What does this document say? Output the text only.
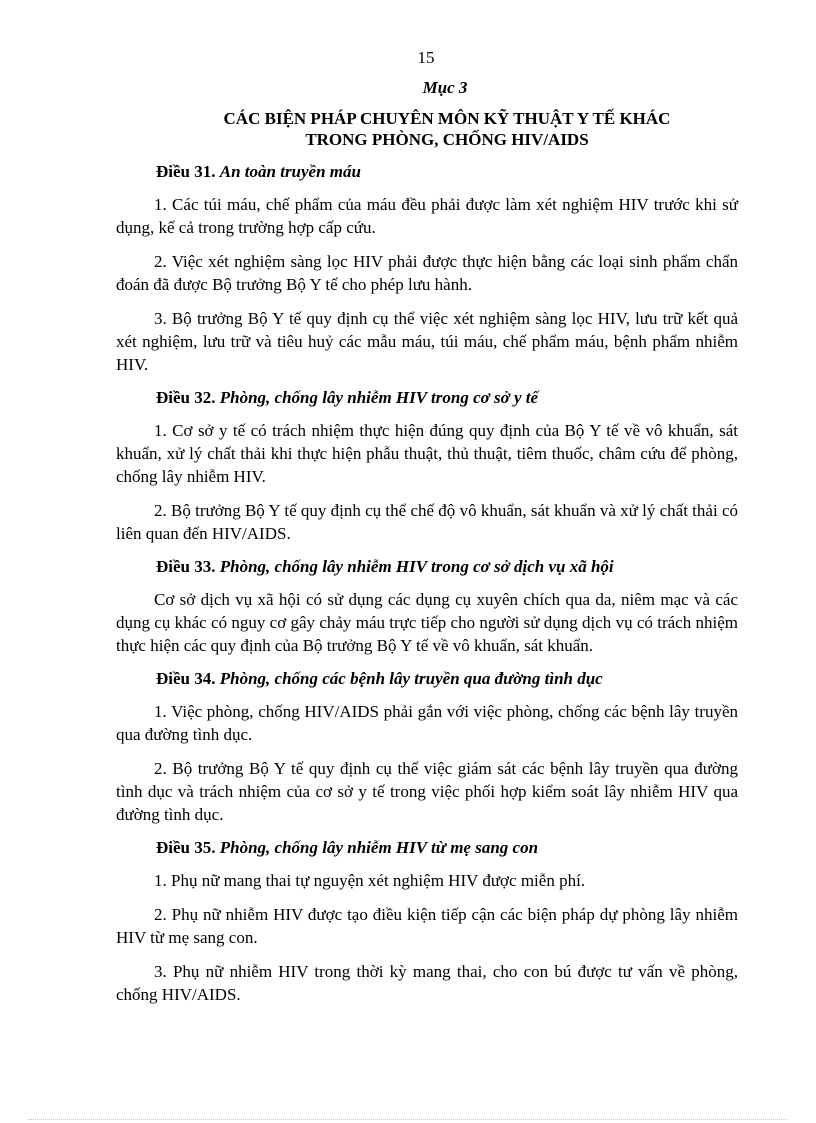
15
Mục 3
CÁC BIỆN PHÁP CHUYÊN MÔN KỸ THUẬT Y TẾ KHÁC
TRONG PHÒNG, CHỐNG HIV/AIDS
Điều 31. An toàn truyền máu

1. Các túi máu, chế phẩm của máu đều phải được làm xét nghiệm HIV trước khi sử dụng, kể cả trong trường hợp cấp cứu.

2. Việc xét nghiệm sàng lọc HIV phải được thực hiện bằng các loại sinh phẩm chẩn đoán đã được Bộ trưởng Bộ Y tế cho phép lưu hành.

3. Bộ trưởng Bộ Y tế quy định cụ thể việc xét nghiệm sàng lọc HIV, lưu trữ kết quả xét nghiệm, lưu trữ và tiêu huỷ các mẫu máu, túi máu, chế phẩm máu, bệnh phẩm nhiễm HIV.

Điều 32. Phòng, chống lây nhiễm HIV trong cơ sở y tế

1. Cơ sở y tế có trách nhiệm thực hiện đúng quy định của Bộ Y tế về vô khuẩn, sát khuẩn, xử lý chất thải khi thực hiện phẫu thuật, thủ thuật, tiêm thuốc, châm cứu để phòng, chống lây nhiễm HIV.

2. Bộ trưởng Bộ Y tế quy định cụ thể chế độ vô khuẩn, sát khuẩn và xử lý chất thải có liên quan đến HIV/AIDS.

Điều 33. Phòng, chống lây nhiễm HIV trong cơ sở dịch vụ xã hội

Cơ sở dịch vụ xã hội có sử dụng các dụng cụ xuyên chích qua da, niêm mạc và các dụng cụ khác có nguy cơ gây chảy máu trực tiếp cho người sử dụng dịch vụ có trách nhiệm thực hiện các quy định của Bộ trưởng Bộ Y tế về vô khuẩn, sát khuẩn.

Điều 34. Phòng, chống các bệnh lây truyền qua đường tình dục

1. Việc phòng, chống HIV/AIDS phải gắn với việc phòng, chống các bệnh lây truyền qua đường tình dục.

2. Bộ trưởng Bộ Y tế quy định cụ thể việc giám sát các bệnh lây truyền qua đường tình dục và trách nhiệm của cơ sở y tế trong việc phối hợp kiểm soát lây nhiễm HIV qua đường tình dục.

Điều 35. Phòng, chống lây nhiễm HIV từ mẹ sang con

1. Phụ nữ mang thai tự nguyện xét nghiệm HIV được miễn phí.

2. Phụ nữ nhiễm HIV được tạo điều kiện tiếp cận các biện pháp dự phòng lây nhiễm HIV từ mẹ sang con.

3. Phụ nữ nhiễm HIV trong thời kỳ mang thai, cho con bú được tư vấn về phòng, chống HIV/AIDS.
